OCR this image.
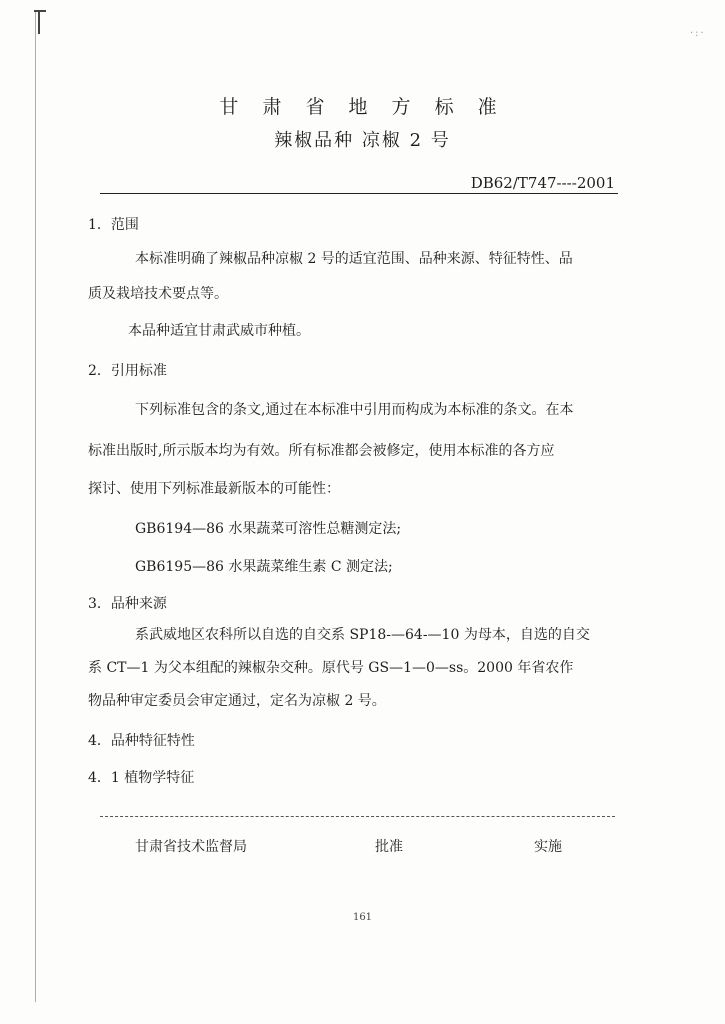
·:·
甘 肃 省 地 方 标 准
辣椒品种 凉椒 2 号
DB62/T747----2001
1．范围
本标准明确了辣椒品种凉椒 2 号的适宜范围、品种来源、特征特性、品
质及栽培技术要点等。
本品种适宜甘肃武威市种植。
2．引用标准
下列标准包含的条文,通过在本标准中引用而构成为本标准的条文。在本
标准出版时,所示版本均为有效。所有标准都会被修定，使用本标准的各方应
探讨、使用下列标准最新版本的可能性：
GB6194—86 水果蔬菜可溶性总糖测定法;
GB6195—86 水果蔬菜维生素 C 测定法;
3．品种来源
系武威地区农科所以自选的自交系 SP18-—64-—10 为母本，自选的自交
系 CT—1 为父本组配的辣椒杂交种。原代号 GS—1—0—ss。2000 年省农作
物品种审定委员会审定通过，定名为凉椒 2 号。
4．品种特征特性
4．1 植物学特征
甘肃省技术监督局	批准	实施
161
